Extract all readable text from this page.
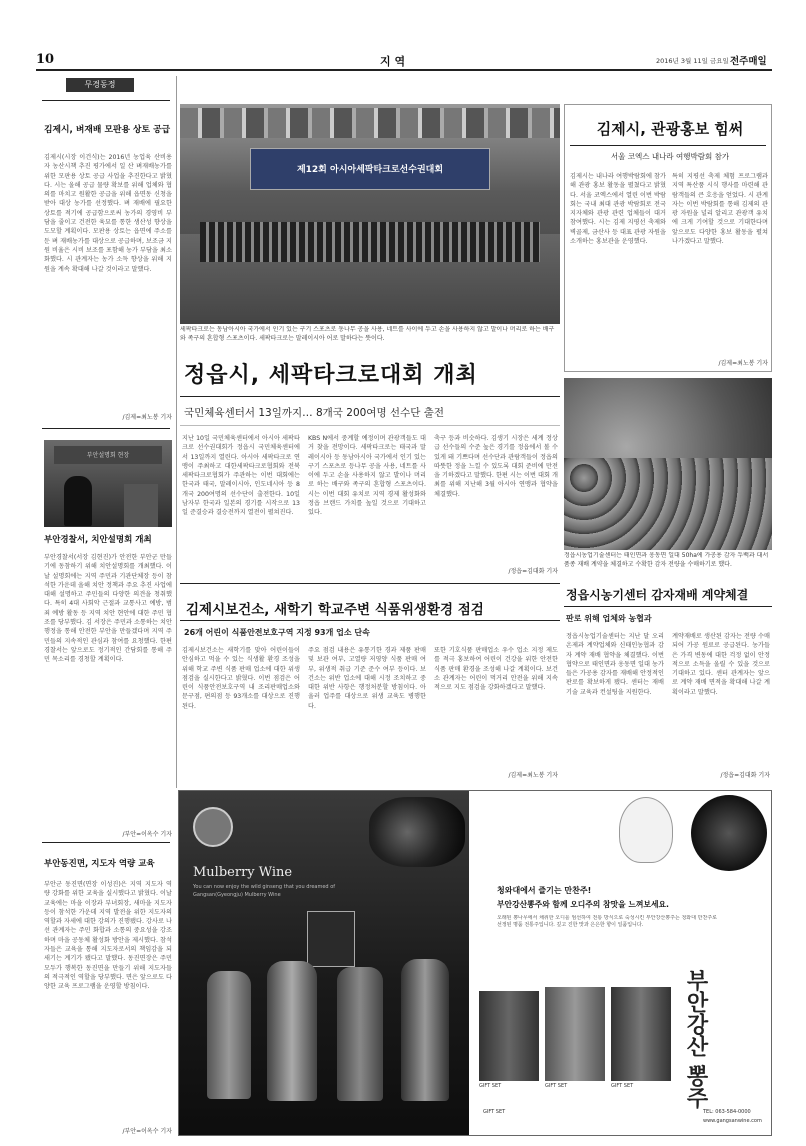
10	지 역	2016년 3월 11일 금요일 전주매일
무경동정
김제시, 벼재배 모판용 상토 공급
김제시(시장 이건식)는 2016년 농업육 산비용자 농산시책 추진 평가에서 일 산 벼재배농가를 위한 모판용 상토 공급 사업을 추진한다고 밝혔다. 시는 올해 공급 물량 확보를 위해 업체와 협의를 마치고 원활한 공급을 위해 읍면동 신청을 받아 대상 농가를 선정했다. 벼 재배에 필요한 상토를 적기에 공급함으로써 농가의 경영비 부담을 줄이고 건전한 육묘를 통한 생산성 향상을 도모할 계획이다. 모판용 상토는 읍면에 주소를 둔 벼 재배농가를 대상으로 공급하며, 보조금 지원 비율은 시비 보조를 포함해 농가 부담을 최소화했다. 시 관계자는 농가 소득 향상을 위해 지원을 계속 확대해 나갈 것이라고 말했다.
/김제=최노봉 기자
부안설명회 현장
부안경찰서, 치안설명회 개최
부안경찰서(서장 김현진)가 안전한 부안군 만들기에 동참하기 위해 치안설명회를 개최했다. 이날 설명회에는 지역 주민과 기관단체장 등이 참석한 가운데 올해 치안 정책과 주요 추진 사업에 대해 설명하고 주민들의 다양한 의견을 청취했다. 특히 4대 사회악 근절과 교통사고 예방, 범죄 예방 활동 등 지역 치안 현안에 대한 주민 협조를 당부했다. 김 서장은 주민과 소통하는 치안 행정을 통해 안전한 부안을 만들겠다며 지역 주민들의 지속적인 관심과 참여를 요청했다. 한편 경찰서는 앞으로도 정기적인 간담회를 통해 주민 목소리를 경청할 계획이다.
/부안=이옥수 기자
부안동진면, 지도자 역량 교육
부안군 동진면(면장 이성진)은 지역 지도자 역량 강화를 위한 교육을 실시했다고 밝혔다. 이날 교육에는 마을 이장과 부녀회장, 새마을 지도자 등이 참석한 가운데 지역 발전을 위한 지도자의 역할과 자세에 대한 강의가 진행됐다. 강사로 나선 관계자는 주민 화합과 소통의 중요성을 강조하며 마을 공동체 활성화 방안을 제시했다. 참석자들은 교육을 통해 지도자로서의 책임감을 되새기는 계기가 됐다고 말했다. 동진면장은 주민 모두가 행복한 동진면을 만들기 위해 지도자들의 적극적인 역할을 당부했다. 면은 앞으로도 다양한 교육 프로그램을 운영할 방침이다.
/부안=이옥수 기자
제12회 아시아세팍타크로선수권대회
세팍타크로는 동남아시아 국가에서 인기 있는 구기 스포츠로 동나무 공을 사용, 네트를 사이에 두고 손을 사용하지 않고 발이나 머리로 하는 배구와 족구의 혼합형 스포츠이다. 세팍타크로는 말레이시아 어로 말하다는 뜻이다.
정읍시, 세팍타크로대회 개최
국민체육센터서 13일까지… 8개국 200여명 선수단 출전
지난 10일 국민체육센터에서 아시아 세팍타크로 선수권대회가 정읍시 국민체육센터에서 13일까지 열린다. 아시아 세팍타크로 연맹이 주최하고 대한세팍타크로협회와 전북 세팍타크로협회가 주관하는 이번 대회에는 한국과 태국, 말레이시아, 인도네시아 등 8개국 200여명의 선수단이 출전한다. 10일 남자부 한국과 일본의 경기를 시작으로 13일 준결승과 결승전까지 열전이 펼쳐진다.
KBS N에서 중계할 예정이며 관광객들도 대거 찾을 전망이다. 세팍타크로는 태국과 말레이시아 등 동남아시아 국가에서 인기 있는 구기 스포츠로 등나무 공을 사용, 네트를 사이에 두고 손을 사용하지 않고 발이나 머리로 하는 배구와 족구의 혼합형 스포츠이다. 시는 이번 대회 유치로 지역 경제 활성화와 정읍 브랜드 가치를 높일 것으로 기대하고 있다.
축구 등과 비슷하다. 김생기 시장은 세계 정상급 선수들의 수준 높은 경기를 정읍에서 볼 수 있게 돼 기쁘다며 선수단과 관람객들이 정읍의 따뜻한 정을 느낄 수 있도록 대회 준비에 만전을 기하겠다고 말했다. 한편 시는 이번 대회 개최를 위해 지난해 3월 아시아 연맹과 협약을 체결했다.
/정읍=김대화 기자
김제시보건소, 새학기 학교주변 식품위생환경 점검
26개 어린이 식품안전보호구역 지정 93개 업소 단속
김제시보건소는 새학기를 맞아 어린이들이 안심하고 먹을 수 있는 식생활 환경 조성을 위해 학교 주변 식품 판매 업소에 대한 위생 점검을 실시한다고 밝혔다. 이번 점검은 어린이 식품안전보호구역 내 조리판매업소와 문구점, 편의점 등 93개소를 대상으로 진행된다.
주요 점검 내용은 유통기한 경과 제품 판매 및 보관 여부, 고열량 저영양 식품 판매 여부, 위생적 취급 기준 준수 여부 등이다. 보건소는 위반 업소에 대해 시정 조치하고 중대한 위반 사항은 행정처분할 방침이다. 아울러 업주를 대상으로 위생 교육도 병행한다.
또한 기호식품 판매업소 우수 업소 지정 제도를 적극 홍보하여 어린이 건강을 위한 안전한 식품 판매 환경을 조성해 나갈 계획이다. 보건소 관계자는 어린이 먹거리 안전을 위해 지속적으로 지도 점검을 강화하겠다고 말했다.
/김제=최노봉 기자
김제시, 관광홍보 힘써
서울 코엑스 내나라 여행박람회 참가
김제시는 내나라 여행박람회에 참가해 관광 홍보 활동을 펼쳤다고 밝혔다. 서울 코엑스에서 열린 이번 박람회는 국내 최대 관광 박람회로 전국 지자체와 관광 관련 업체들이 대거 참여했다. 시는 김제 지평선 축제와 벽골제, 금산사 등 대표 관광 자원을 소개하는 홍보관을 운영했다.
특히 지평선 축제 체험 프로그램과 지역 특산품 시식 행사를 마련해 관람객들의 큰 호응을 얻었다. 시 관계자는 이번 박람회를 통해 김제의 관광 자원을 널리 알리고 관광객 유치에 크게 기여할 것으로 기대한다며 앞으로도 다양한 홍보 활동을 펼쳐 나가겠다고 말했다.
/김제=최노봉 기자
정읍시농업기술센터는 태인면과 옹동면 일대 50ha에 가공용 감자 두백과 대서 품종 재배 계약을 체결하고 수확한 감자 전량을 수매하기로 했다.
정읍시농기센터 감자재배 계약체결
판로 위해 업체와 농협과
정읍시농업기술센터는 지난 달 오리온제과 계약업체와 신태인농협과 감자 계약 재배 협약을 체결했다. 이번 협약으로 태인면과 옹동면 일대 농가들은 가공용 감자를 재배해 안정적인 판로를 확보하게 됐다. 센터는 재배 기술 교육과 컨설팅을 지원한다.
계약재배로 생산된 감자는 전량 수매되어 가공 원료로 공급된다. 농가들은 가격 변동에 대한 걱정 없이 안정적으로 소득을 올릴 수 있을 것으로 기대하고 있다. 센터 관계자는 앞으로 계약 재배 면적을 확대해 나갈 계획이라고 말했다.
/정읍=김대화 기자
Mulberry Wine
You can now enjoy the wild ginseng that you dreamed of
Gangsan(Gyeongju) Mulberry Wine	청와대에서 즐기는 만찬주!
부안강산뽕주와 함께 오디주의 참맛을 느껴보세요.
오래된 뽕나무에서 채취한 오디를 엄선하여 전통 방식으로 숙성시킨 부안강산뽕주는 청와대 만찬주로 선정된 명품 전통주입니다. 깊고 진한 맛과 은은한 향이 일품입니다.
부안강산 뽕주
GIFT SET	GIFT SET	GIFT SET
GIFT SET	TEL: 063-584-0000
www.gangsanwine.com
